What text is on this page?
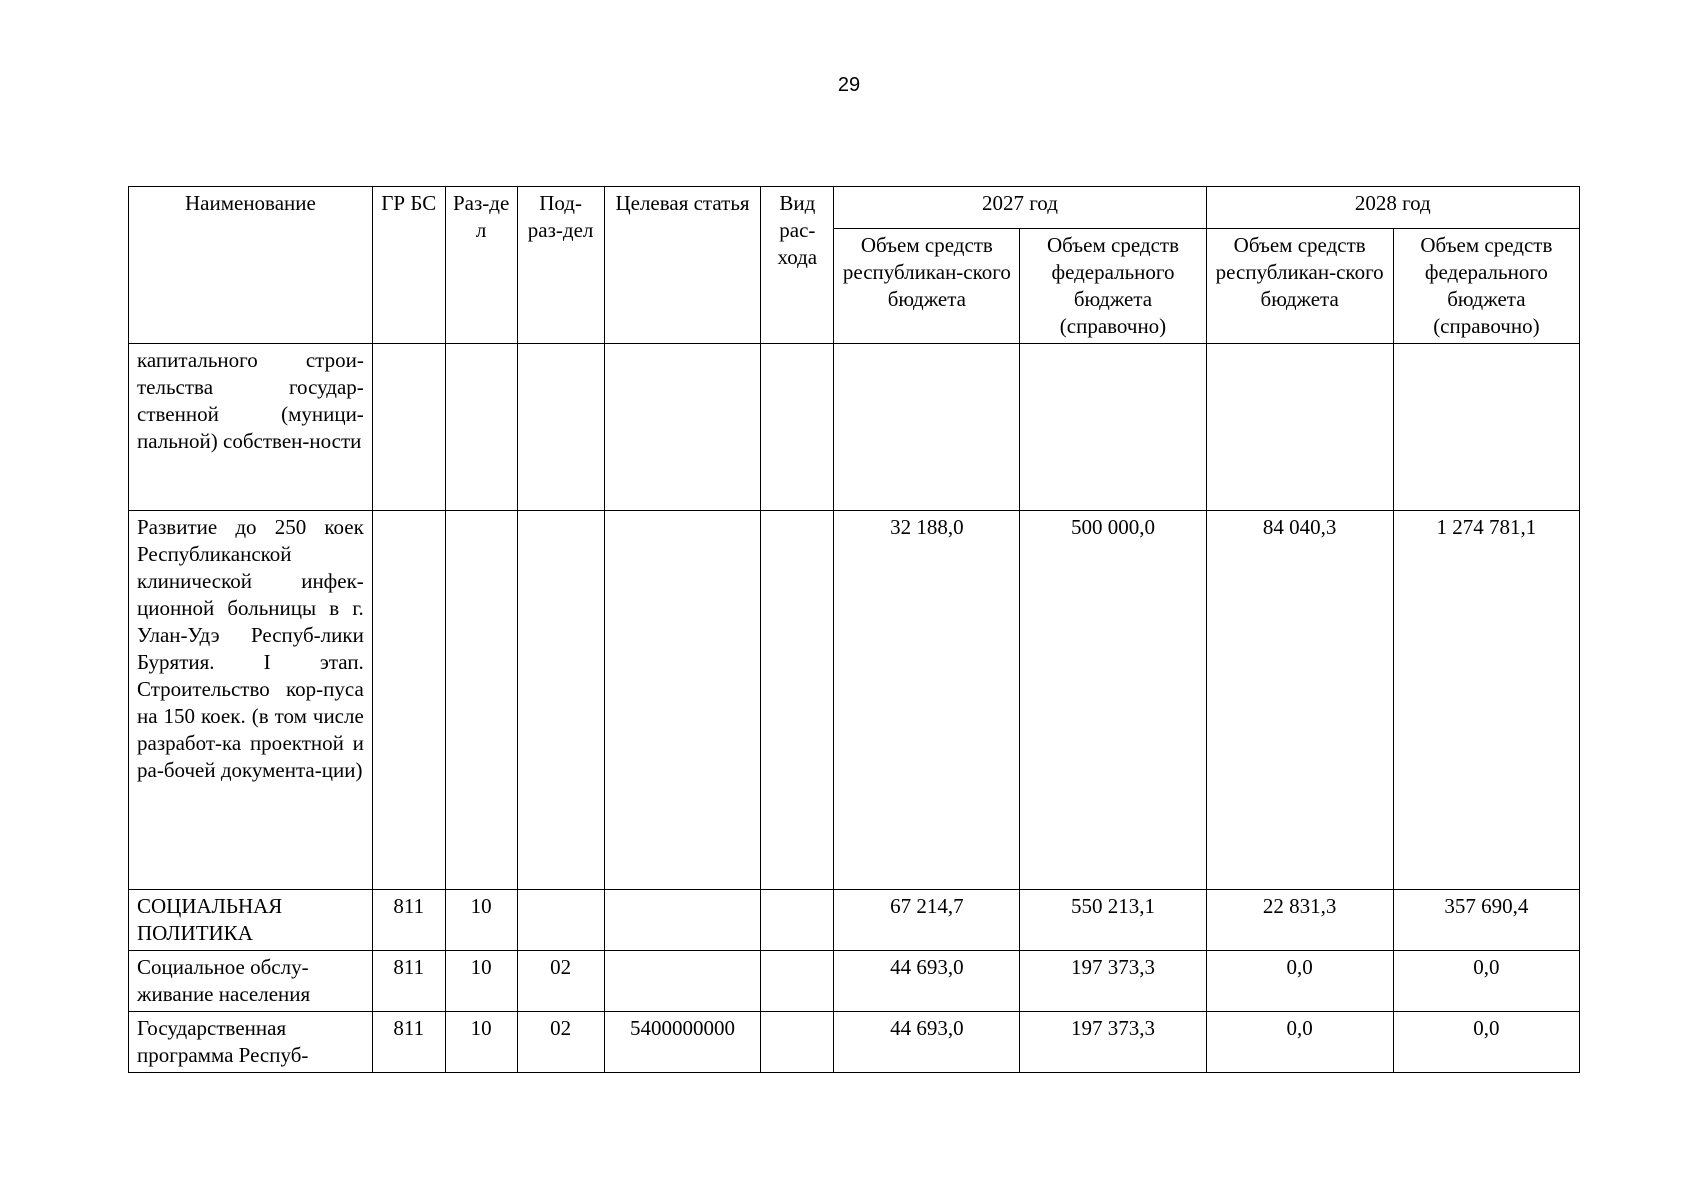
29
Наименование	ГР БС	Раз-дел	Под-раз-дел	Целевая статья	Вид рас-хода	2027 год		2028 год	
						Объем средств республикан-ского бюджета	Объем средств федерального бюджета (справочно)	Объем средств республикан-ского бюджета	Объем средств федерального бюджета (справочно)
капитального строи-тельства государ-ственной (муници-пальной) собствен-ности									
Развитие до 250 коек Республиканской клинической инфек-ционной больницы в г. Улан-Удэ Респуб-лики Бурятия. I этап. Строительство кор-пуса на 150 коек. (в том числе разработ-ка проектной и ра-бочей документа-ции)						32 188,0	500 000,0	84 040,3	1 274 781,1
СОЦИАЛЬНАЯ ПОЛИТИКА	811	10				67 214,7	550 213,1	22 831,3	357 690,4
Социальное обслу-живание населения	811	10	02			44 693,0	197 373,3	0,0	0,0
Государственная программа Респуб-	811	10	02	5400000000		44 693,0	197 373,3	0,0	0,0
